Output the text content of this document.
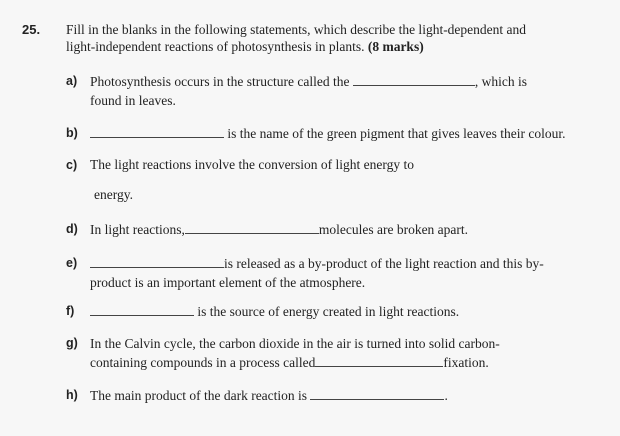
25. Fill in the blanks in the following statements, which describe the light-dependent and
light-independent reactions of photosynthesis in plants. (8 marks)
a) Photosynthesis occurs in the structure called the	, which is
found in leaves.
b)	is the name of the green pigment that gives leaves their colour.
c) The light reactions involve the conversion of light energy to
energy.
d) In light reactions,	molecules are broken apart.
e)	is released as a by-product of the light reaction and this by-
product is an important element of the atmosphere.
f)	is the source of energy created in light reactions.
g) In the Calvin cycle, the carbon dioxide in the air is turned into solid carbon-
containing compounds in a process called	fixation.
h) The main product of the dark reaction is	.
